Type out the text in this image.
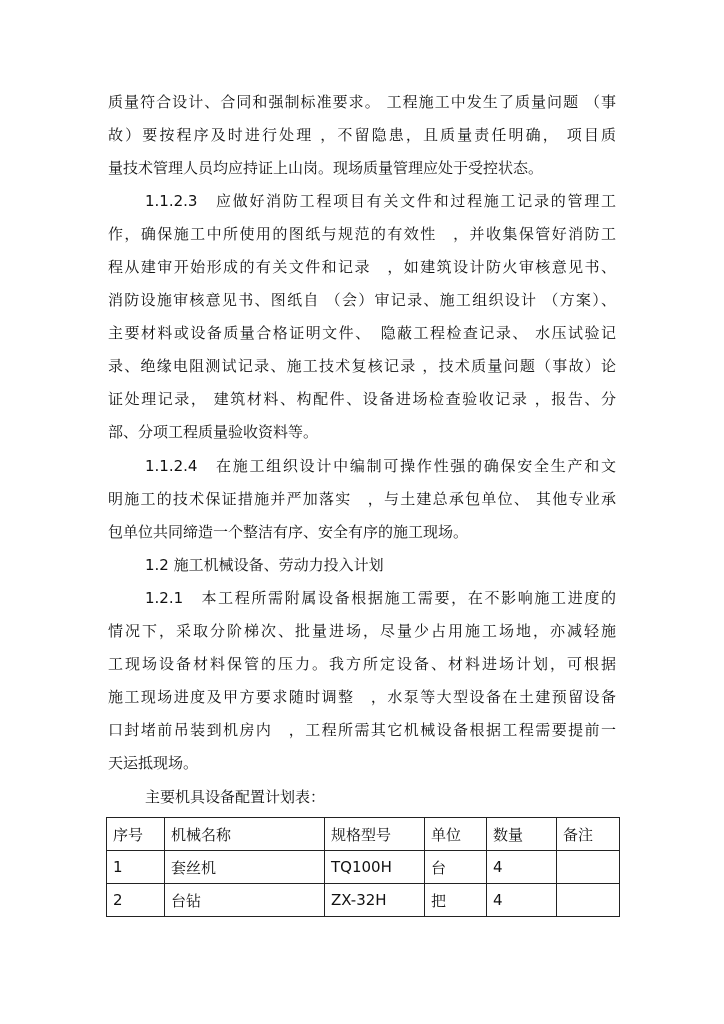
质量符合设计、合同和强制标准要求。 工程施工中发生了质量问题 （事
故）要按程序及时进行处理 ，不留隐患，且质量责任明确， 项目质
量技术管理人员均应持证上山岗。现场质量管理应处于受控状态。
1.1.2.3　应做好消防工程项目有关文件和过程施工记录的管理工
作，确保施工中所使用的图纸与规范的有效性　，并收集保管好消防工
程从建审开始形成的有关文件和记录　，如建筑设计防火审核意见书、
消防设施审核意见书、图纸自 （会）审记录、施工组织设计 （方案）、
主要材料或设备质量合格证明文件、　隐蔽工程检查记录、 水压试验记
录、绝缘电阻测试记录、施工技术复核记录 ，技术质量问题（事故）论
证处理记录， 建筑材料、构配件、设备进场检查验收记录 ，报告、分
部、分项工程质量验收资料等。
1.1.2.4　在施工组织设计中编制可操作性强的确保安全生产和文
明施工的技术保证措施并严加落实　，与土建总承包单位、 其他专业承
包单位共同缔造一个整洁有序、安全有序的施工现场。
1.2 施工机械设备、劳动力投入计划
1.2.1　本工程所需附属设备根据施工需要，在不影响施工进度的
情况下，采取分阶梯次、批量进场，尽量少占用施工场地，亦减轻施
工现场设备材料保管的压力。我方所定设备、材料进场计划，可根据
施工现场进度及甲方要求随时调整　，水泵等大型设备在土建预留设备
口封堵前吊装到机房内　，工程所需其它机械设备根据工程需要提前一
天运抵现场。
主要机具设备配置计划表：
序号	机械名称	规格型号	单位	数量	备注
1	套丝机	TQ100H	台	4	
2	台钻	ZX-32H	把	4	
